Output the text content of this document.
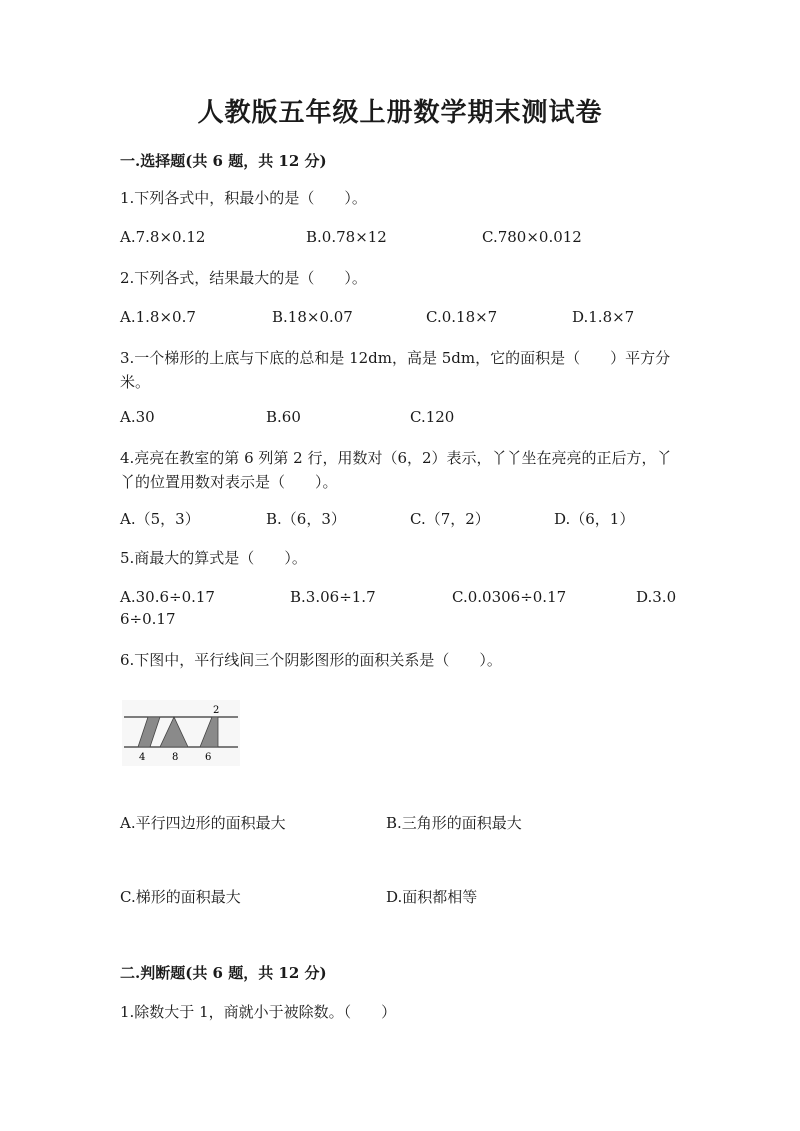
人教版五年级上册数学期末测试卷
一.选择题(共 6 题，共 12 分)
1.下列各式中，积最小的是（　　）。
A.7.8×0.12	B.0.78×12	C.780×0.012
2.下列各式，结果最大的是（　　）。
A.1.8×0.7	B.18×0.07	C.0.18×7	D.1.8×7
3.一个梯形的上底与下底的总和是 12dm，高是 5dm，它的面积是（　　）平方分米。
A.30	B.60	C.120
4.亮亮在教室的第 6 列第 2 行，用数对（6，2）表示，丫丫坐在亮亮的正后方，丫丫的位置用数对表示是（　　）。
A.（5，3）	B.（6，3）	C.（7，2）	D.（6，1）
5.商最大的算式是（　　）。
A.30.6÷0.17	B.3.06÷1.7	C.0.0306÷0.17	D.3.0
6÷0.17
6.下图中，平行线间三个阴影图形的面积关系是（　　）。
2
4	8	6
A.平行四边形的面积最大	B.三角形的面积最大
C.梯形的面积最大	D.面积都相等
二.判断题(共 6 题，共 12 分)
1.除数大于 1，商就小于被除数。（　　）
